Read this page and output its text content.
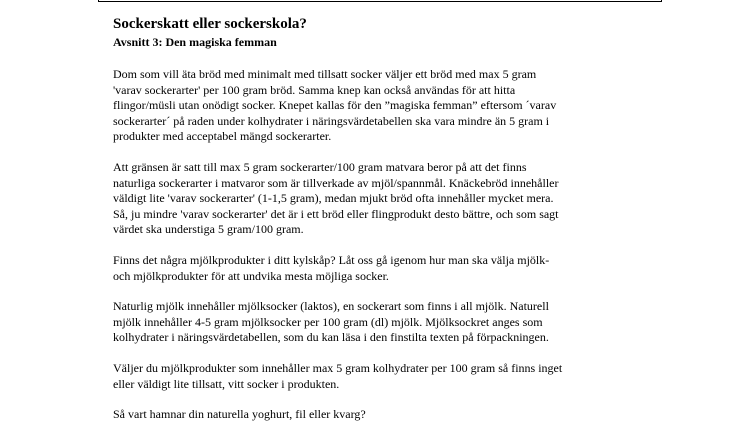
Sockerskatt eller sockerskola?
Avsnitt 3: Den magiska femman

Dom som vill äta bröd med minimalt med tillsatt socker väljer ett bröd med max 5 gram
'varav sockerarter' per 100 gram bröd. Samma knep kan också användas för att hitta
flingor/müsli utan onödigt socker. Knepet kallas för den ”magiska femman” eftersom ´varav
sockerarter´ på raden under kolhydrater i näringsvärdetabellen ska vara mindre än 5 gram i
produkter med acceptabel mängd sockerarter.

Att gränsen är satt till max 5 gram sockerarter/100 gram matvara beror på att det finns
naturliga sockerarter i matvaror som är tillverkade av mjöl/spannmål. Knäckebröd innehåller
väldigt lite 'varav sockerarter' (1-1,5 gram), medan mjukt bröd ofta innehåller mycket mera.
Så, ju mindre 'varav sockerarter' det är i ett bröd eller flingprodukt desto bättre, och som sagt
värdet ska understiga 5 gram/100 gram.

Finns det några mjölkprodukter i ditt kylskåp? Låt oss gå igenom hur man ska välja mjölk-
och mjölkprodukter för att undvika mesta möjliga socker.

Naturlig mjölk innehåller mjölksocker (laktos), en sockerart som finns i all mjölk. Naturell
mjölk innehåller 4-5 gram mjölksocker per 100 gram (dl) mjölk. Mjölksockret anges som
kolhydrater i näringsvärdetabellen, som du kan läsa i den finstilta texten på förpackningen.

Väljer du mjölkprodukter som innehåller max 5 gram kolhydrater per 100 gram så finns inget
eller väldigt lite tillsatt, vitt socker i produkten.

Så vart hamnar din naturella yoghurt, fil eller kvarg?
